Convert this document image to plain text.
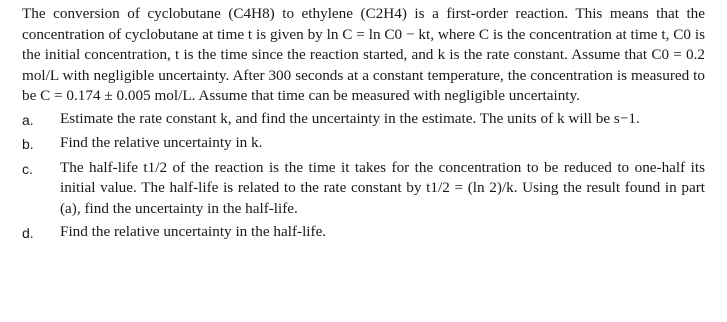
The conversion of cyclobutane (C4H8) to ethylene (C2H4) is a first-order reaction. This means that the concentration of cyclobutane at time t is given by ln C = ln C0 − kt, where C is the concentration at time t, C0 is the initial concentration, t is the time since the reaction started, and k is the rate constant. Assume that C0 = 0.2 mol/L with negligible uncertainty. After 300 seconds at a constant temperature, the concentration is measured to be C = 0.174 ± 0.005 mol/L. Assume that time can be measured with negligible uncertainty.

a.	Estimate the rate constant k, and find the uncertainty in the estimate. The units of k will be s−1.
b.	Find the relative uncertainty in k.
c.	The half-life t1/2 of the reaction is the time it takes for the concentration to be reduced to one-half its initial value. The half-life is related to the rate constant by t1/2 = (ln 2)/k. Using the result found in part (a), find the uncertainty in the half-life.
d.	Find the relative uncertainty in the half-life.
